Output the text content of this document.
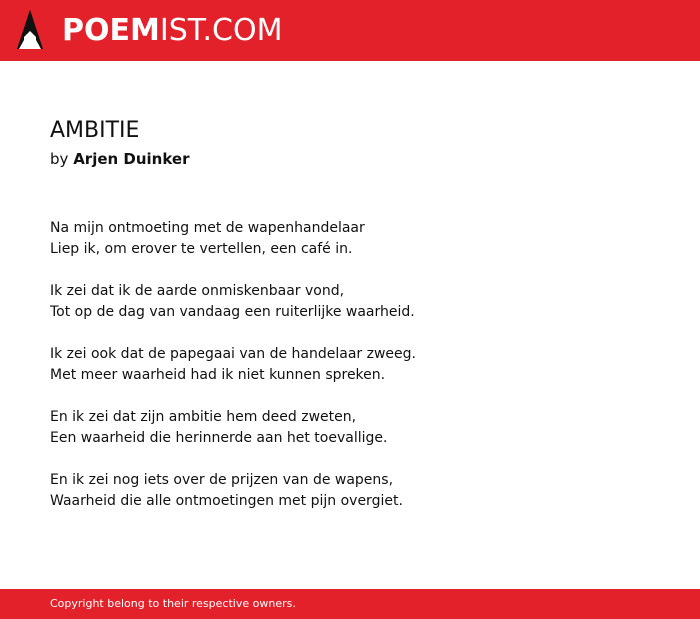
POEMIST.COM
AMBITIE
by Arjen Duinker
Na mijn ontmoeting met de wapenhandelaar
Liep ik, om erover te vertellen, een café in.
Ik zei dat ik de aarde onmiskenbaar vond,
Tot op de dag van vandaag een ruiterlijke waarheid.
Ik zei ook dat de papegaai van de handelaar zweeg.
Met meer waarheid had ik niet kunnen spreken.
En ik zei dat zijn ambitie hem deed zweten,
Een waarheid die herinnerde aan het toevallige.
En ik zei nog iets over de prijzen van de wapens,
Waarheid die alle ontmoetingen met pijn overgiet.
Copyright belong to their respective owners.
